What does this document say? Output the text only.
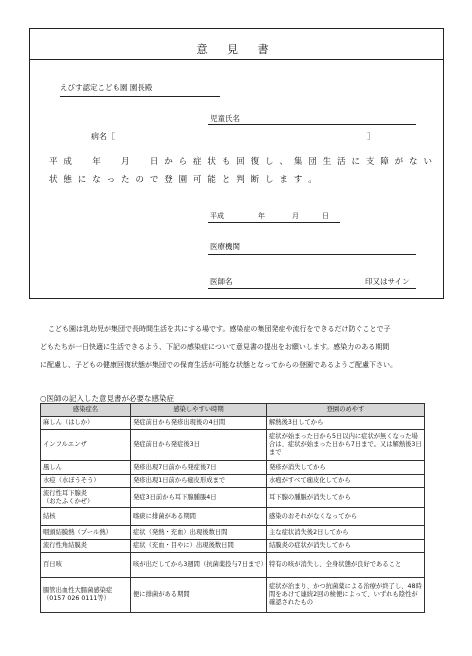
意 見 書
えびす認定こども園 園長殿
児童氏名
病名［	］
平 成 　 年 　 月 　 日 か ら 症 状 も 回 復 し 、 集 団 生 活 に 支 障 が な い
状 態 に な っ た の で 登 園 可 能 と 判 断 し ま す 。
平成	年	月	日
医療機関
医師名	印又はサイン
こども園は乳幼児が集団で長時間生活を共にする場です。感染症の集団発症や流行をできるだけ防ぐことで子
どもたちが一日快適に生活できるよう、下記の感染症について意見書の提出をお願いします。感染力のある期間
に配慮し、子どもの健康回復状態が集団での保育生活が可能な状態となってからの登園であるようご配慮下さい。
○医師の記入した意見書が必要な感染症
感染症名	感染しやすい時期	登園のめやす
麻しん（はしか）	発症前日から発疹出現後の4日間	解熱後3日してから
インフルエンザ	発症前日から発症後3日	症状が始まった日から5日以内に症状が無くなった場合は、症状が始まった日から7日まで。又は解熱後3日まで
風しん	発疹出現7日前から発症後7日	発疹が消失してから
水痘（水ぼうそう）	発疹出現1日前から痂皮形成まで	水疱がすべて痂皮化してから
流行性耳下腺炎
（おたふくかぜ）	発症3日前から耳下腺腫脹4日	耳下腺の腫脹が消失してから
結核	喀痰に排菌がある期間	感染のおそれがなくなってから
咽頭結膜熱（プール熱）	症状（発熱・充血）出現後数日間	主な症状消失後2日してから
流行性角結膜炎	症状（充血・目やに）出現後数日間	結膜炎の症状が消失してから
百日咳	咳が出だしてから3週間（抗菌薬投与7日まで）	特有の咳が消失し、全身状態が良好であること
腸管出血性大腸菌感染症
（0157 026 0111等）	便に排菌がある期間	症状が治まり、かつ抗菌薬による治療が終了し、48時間をあけて連続2回の検便によって、いずれも陰性が確認されたもの
